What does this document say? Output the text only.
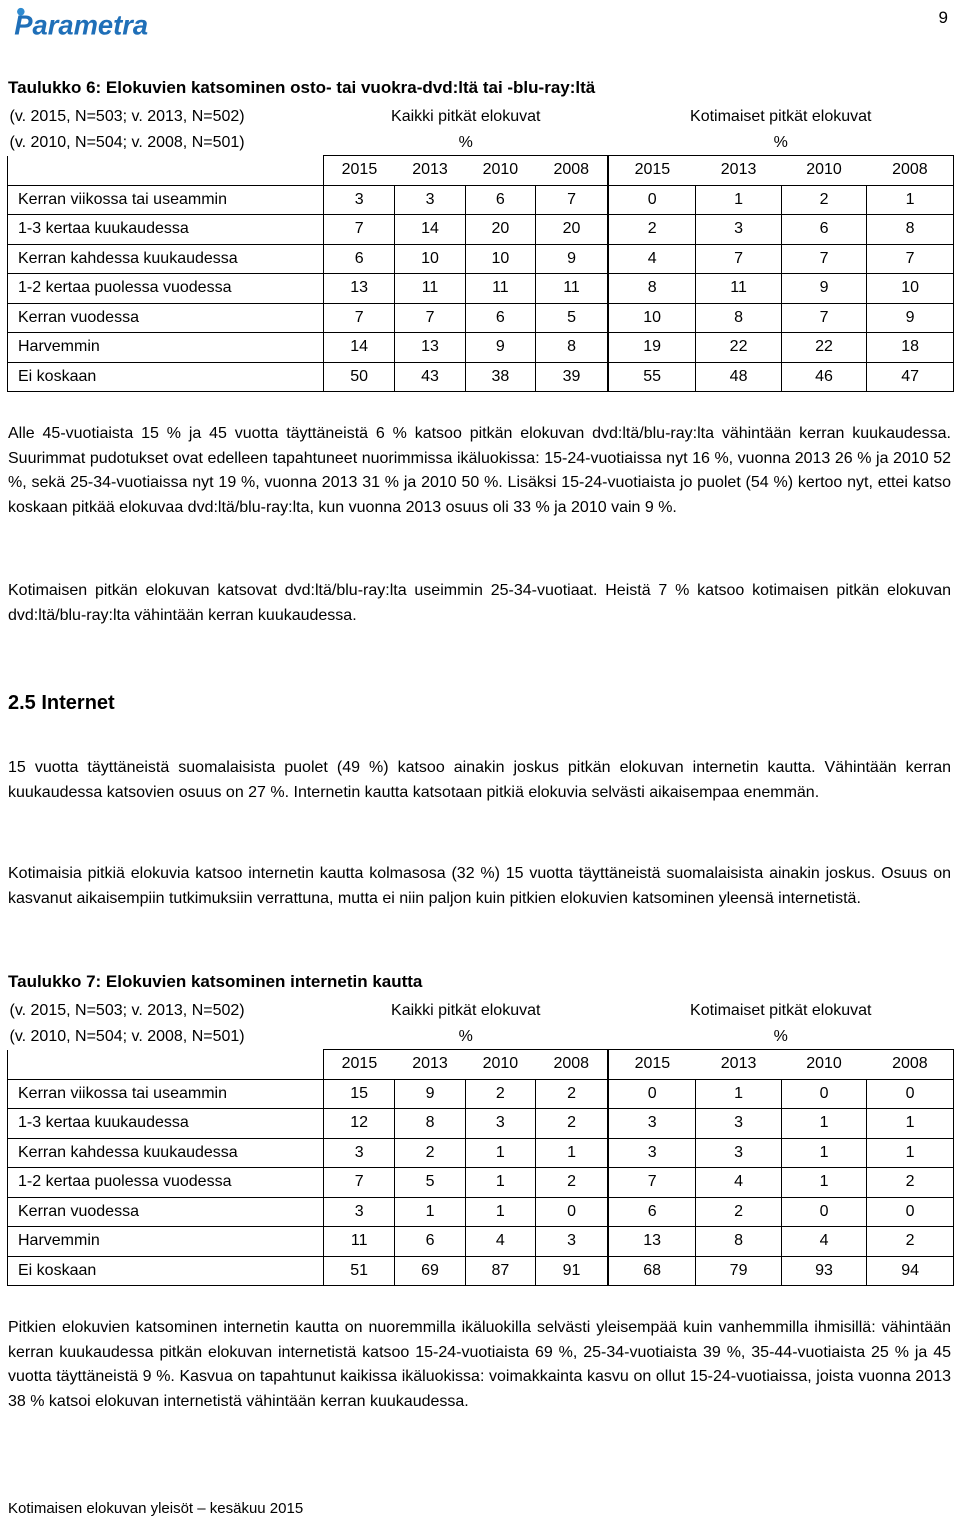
Parametra	9
Taulukko 6: Elokuvien katsominen osto- tai vuokra-dvd:ltä tai -blu-ray:ltä
(v. 2015, N=503; v. 2013, N=502)	Kaikki pitkät elokuvat				Kotimaiset pitkät elokuvat			
(v. 2010, N=504; v. 2008, N=501)	%				%			
	2015	2013	2010	2008	2015	2013	2010	2008
Kerran viikossa tai useammin	3	3	6	7	0	1	2	1
1-3 kertaa kuukaudessa	7	14	20	20	2	3	6	8
Kerran kahdessa kuukaudessa	6	10	10	9	4	7	7	7
1-2 kertaa puolessa vuodessa	13	11	11	11	8	11	9	10
Kerran vuodessa	7	7	6	5	10	8	7	9
Harvemmin	14	13	9	8	19	22	22	18
Ei koskaan	50	43	38	39	55	48	46	47

Alle 45-vuotiaista 15 % ja 45 vuotta täyttäneistä 6 % katsoo pitkän elokuvan dvd:ltä/blu-ray:lta vähintään kerran kuukaudessa. Suurimmat pudotukset ovat edelleen tapahtuneet nuorimmissa ikäluokissa: 15-24-vuotiaissa nyt 16 %, vuonna 2013 26 % ja 2010 52 %, sekä 25-34-vuotiaissa nyt 19 %, vuonna 2013 31 % ja 2010 50 %. Lisäksi 15-24-vuotiaista jo puolet (54 %) kertoo nyt, ettei katso koskaan pitkää elokuvaa dvd:ltä/blu-ray:lta, kun vuonna 2013 osuus oli 33 % ja 2010 vain 9 %.

Kotimaisen pitkän elokuvan katsovat dvd:ltä/blu-ray:lta useimmin 25-34-vuotiaat. Heistä 7 % katsoo kotimaisen pitkän elokuvan dvd:ltä/blu-ray:lta vähintään kerran kuukaudessa.

2.5 Internet

15 vuotta täyttäneistä suomalaisista puolet (49 %) katsoo ainakin joskus pitkän elokuvan internetin kautta. Vähintään kerran kuukaudessa katsovien osuus on 27 %. Internetin kautta katsotaan pitkiä elokuvia selvästi aikaisempaa enemmän.

Kotimaisia pitkiä elokuvia katsoo internetin kautta kolmasosa (32 %) 15 vuotta täyttäneistä suomalaisista ainakin joskus. Osuus on kasvanut aikaisempiin tutkimuksiin verrattuna, mutta ei niin paljon kuin pitkien elokuvien katsominen yleensä internetistä.

Taulukko 7: Elokuvien katsominen internetin kautta
(v. 2015, N=503; v. 2013, N=502)	Kaikki pitkät elokuvat				Kotimaiset pitkät elokuvat			
(v. 2010, N=504; v. 2008, N=501)	%				%			
	2015	2013	2010	2008	2015	2013	2010	2008
Kerran viikossa tai useammin	15	9	2	2	0	1	0	0
1-3 kertaa kuukaudessa	12	8	3	2	3	3	1	1
Kerran kahdessa kuukaudessa	3	2	1	1	3	3	1	1
1-2 kertaa puolessa vuodessa	7	5	1	2	7	4	1	2
Kerran vuodessa	3	1	1	0	6	2	0	0
Harvemmin	11	6	4	3	13	8	4	2
Ei koskaan	51	69	87	91	68	79	93	94

Pitkien elokuvien katsominen internetin kautta on nuoremmilla ikäluokilla selvästi yleisempää kuin vanhemmilla ihmisillä: vähintään kerran kuukaudessa pitkän elokuvan internetistä katsoo 15-24-vuotiaista 69 %, 25-34-vuotiaista 39 %, 35-44-vuotiaista 25 % ja 45 vuotta täyttäneistä 9 %. Kasvua on tapahtunut kaikissa ikäluokissa: voimakkainta kasvu on ollut 15-24-vuotiaissa, joista vuonna 2013 38 % katsoi elokuvan internetistä vähintään kerran kuukaudessa.

Kotimaisen elokuvan yleisöt – kesäkuu 2015
